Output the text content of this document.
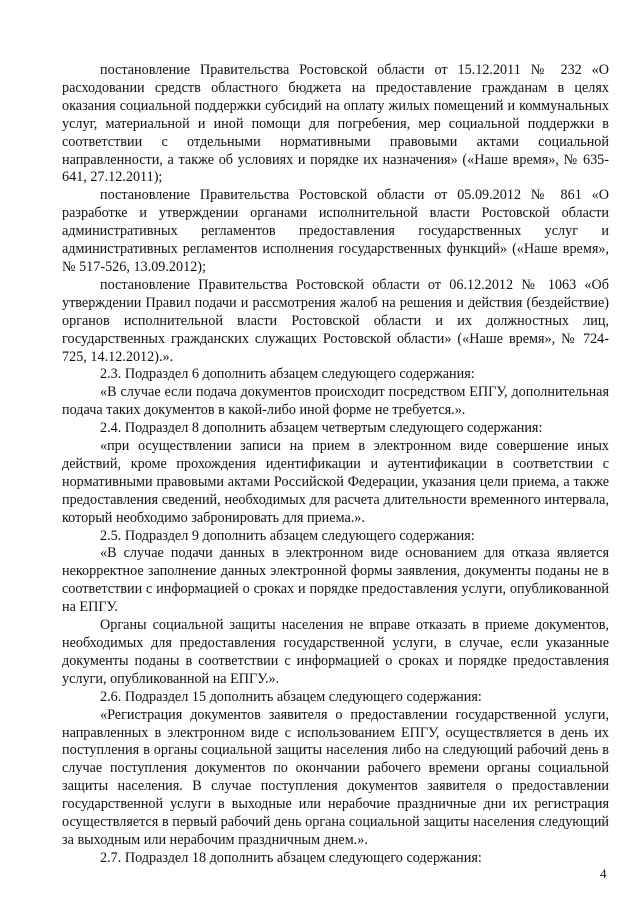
постановление Правительства Ростовской области от 15.12.2011 № 232 «О расходовании средств областного бюджета на предоставление гражданам в целях оказания социальной поддержки субсидий на оплату жилых помещений и коммунальных услуг, материальной и иной помощи для погребения, мер социальной поддержки в соответствии с отдельными нормативными правовыми актами социальной направленности, а также об условиях и порядке их назначения» («Наше время», № 635-641, 27.12.2011);

постановление Правительства Ростовской области от 05.09.2012 № 861 «О разработке и утверждении органами исполнительной власти Ростовской области административных регламентов предоставления государственных услуг и административных регламентов исполнения государственных функций» («Наше время», № 517-526, 13.09.2012);

постановление Правительства Ростовской области от 06.12.2012 № 1063 «Об утверждении Правил подачи и рассмотрения жалоб на решения и действия (бездействие) органов исполнительной власти Ростовской области и их должностных лиц, государственных гражданских служащих Ростовской области» («Наше время», № 724-725, 14.12.2012).».

2.3. Подраздел 6 дополнить абзацем следующего содержания:

«В случае если подача документов происходит посредством ЕПГУ, дополнительная подача таких документов в какой-либо иной форме не требуется.».

2.4. Подраздел 8 дополнить абзацем четвертым следующего содержания:

«при осуществлении записи на прием в электронном виде совершение иных действий, кроме прохождения идентификации и аутентификации в соответствии с нормативными правовыми актами Российской Федерации, указания цели приема, а также предоставления сведений, необходимых для расчета длительности временного интервала, который необходимо забронировать для приема.».

2.5. Подраздел 9 дополнить абзацем следующего содержания:

«В случае подачи данных в электронном виде основанием для отказа является некорректное заполнение данных электронной формы заявления, документы поданы не в соответствии с информацией о сроках и порядке предоставления услуги, опубликованной на ЕПГУ.

Органы социальной защиты населения не вправе отказать в приеме документов, необходимых для предоставления государственной услуги, в случае, если указанные документы поданы в соответствии с информацией о сроках и порядке предоставления услуги, опубликованной на ЕПГУ.».

2.6. Подраздел 15 дополнить абзацем следующего содержания:

«Регистрация документов заявителя о предоставлении государственной услуги, направленных в электронном виде с использованием ЕПГУ, осуществляется в день их поступления в органы социальной защиты населения либо на следующий рабочий день в случае поступления документов по окончании рабочего времени органы социальной защиты населения. В случае поступления документов заявителя о предоставлении государственной услуги в выходные или нерабочие праздничные дни их регистрация осуществляется в первый рабочий день органа социальной защиты населения следующий за выходным или нерабочим праздничным днем.».

2.7. Подраздел 18 дополнить абзацем следующего содержания:

4
